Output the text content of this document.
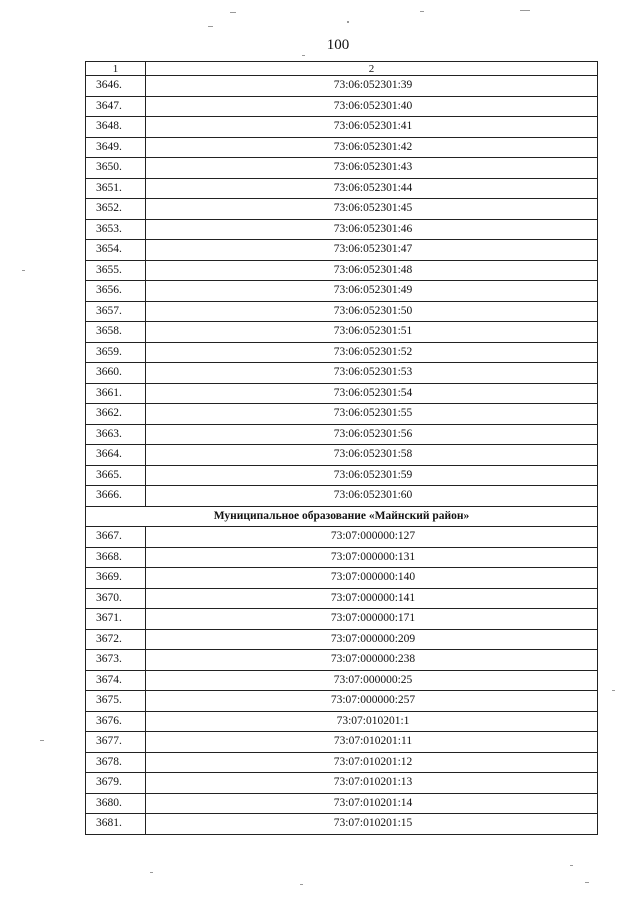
100
1	2
3646.	73:06:052301:39
3647.	73:06:052301:40
3648.	73:06:052301:41
3649.	73:06:052301:42
3650.	73:06:052301:43
3651.	73:06:052301:44
3652.	73:06:052301:45
3653.	73:06:052301:46
3654.	73:06:052301:47
3655.	73:06:052301:48
3656.	73:06:052301:49
3657.	73:06:052301:50
3658.	73:06:052301:51
3659.	73:06:052301:52
3660.	73:06:052301:53
3661.	73:06:052301:54
3662.	73:06:052301:55
3663.	73:06:052301:56
3664.	73:06:052301:58
3665.	73:06:052301:59
3666.	73:06:052301:60
Муниципальное образование «Майнский район»	
3667.	73:07:000000:127
3668.	73:07:000000:131
3669.	73:07:000000:140
3670.	73:07:000000:141
3671.	73:07:000000:171
3672.	73:07:000000:209
3673.	73:07:000000:238
3674.	73:07:000000:25
3675.	73:07:000000:257
3676.	73:07:010201:1
3677.	73:07:010201:11
3678.	73:07:010201:12
3679.	73:07:010201:13
3680.	73:07:010201:14
3681.	73:07:010201:15
